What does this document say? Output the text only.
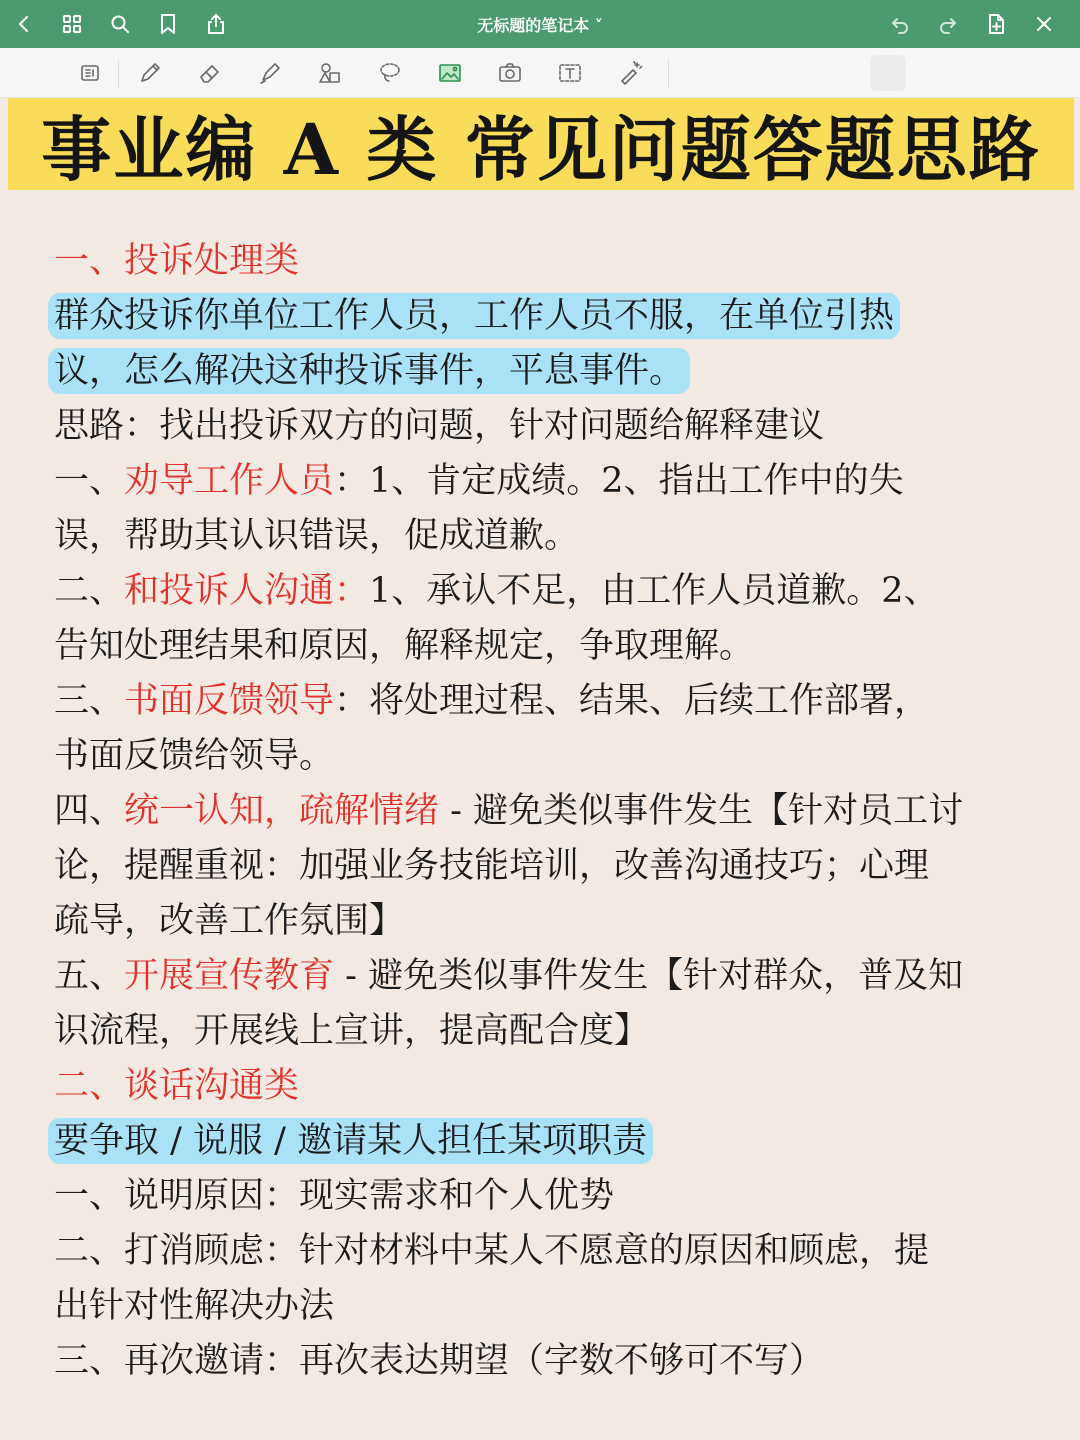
无标题的笔记本 ˅
事业编 A 类 常见问题答题思路
一、投诉处理类
群众投诉你单位工作人员，工作人员不服，在单位引热
议，怎么解决这种投诉事件，平息事件。
思路：找出投诉双方的问题，针对问题给解释建议
一、劝导工作人员：1、肯定成绩。2、指出工作中的失
误，帮助其认识错误，促成道歉。
二、和投诉人沟通：1、承认不足，由工作人员道歉。2、
告知处理结果和原因，解释规定，争取理解。
三、书面反馈领导：将处理过程、结果、后续工作部署，
书面反馈给领导。
四、统一认知，疏解情绪 - 避免类似事件发生【针对员工讨
论，提醒重视：加强业务技能培训，改善沟通技巧；心理
疏导，改善工作氛围】
五、开展宣传教育 - 避免类似事件发生【针对群众，普及知
识流程，开展线上宣讲，提高配合度】
二、谈话沟通类
要争取 / 说服 / 邀请某人担任某项职责
一、说明原因：现实需求和个人优势
二、打消顾虑：针对材料中某人不愿意的原因和顾虑，提
出针对性解决办法
三、再次邀请：再次表达期望（字数不够可不写）
